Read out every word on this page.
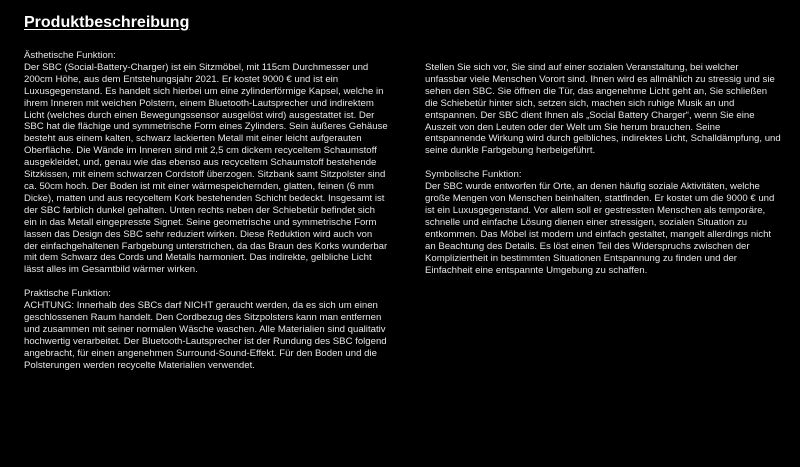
Produktbeschreibung
Ästhetische Funktion:
Der SBC (Social-Battery-Charger) ist ein Sitzmöbel, mit 115cm Durchmesser und 200cm Höhe, aus dem Entstehungsjahr 2021. Er kostet 9000 € und ist ein Luxusgegenstand. Es handelt sich hierbei um eine zylinderförmige Kapsel, welche in ihrem Inneren mit weichen Polstern, einem Bluetooth-Lautsprecher und indirektem Licht (welches durch einen Bewegungssensor ausgelöst wird) ausgestattet ist. Der SBC hat die flächige und symmetrische Form eines Zylinders. Sein äußeres Gehäuse besteht aus einem kalten, schwarz lackierten Metall mit einer leicht aufgerauten Oberfläche. Die Wände im Inneren sind mit 2,5 cm dickem recyceltem Schaumstoff ausgekleidet, und, genau wie das ebenso aus recyceltem Schaumstoff bestehende Sitzkissen, mit einem schwarzen Cordstoff überzogen. Sitzbank samt Sitzpolster sind ca. 50cm hoch. Der Boden ist mit einer wärmespeichernden, glatten, feinen (6 mm Dicke), matten und aus recyceltem Kork bestehenden Schicht bedeckt. Insgesamt ist der SBC farblich dunkel gehalten. Unten rechts neben der Schiebetür befindet sich ein in das Metall eingepresste Signet. Seine geometrische und symmetrische Form lassen das Design des SBC sehr reduziert wirken. Diese Reduktion wird auch von der einfachgehaltenen Farbgebung unterstrichen, da das Braun des Korks wunderbar mit dem Schwarz des Cords und Metalls harmoniert. Das indirekte, gelbliche Licht lässt alles im Gesamtbild wärmer wirken.
Praktische Funktion:
ACHTUNG: Innerhalb des SBCs darf NICHT geraucht werden, da es sich um einen geschlossenen Raum handelt. Den Cordbezug des Sitzpolsters kann man entfernen und zusammen mit seiner normalen Wäsche waschen. Alle Materialien sind qualitativ hochwertig verarbeitet. Der Bluetooth-Lautsprecher ist der Rundung des SBC folgend angebracht, für einen angenehmen Surround-Sound-Effekt. Für den Boden und die Polsterungen werden recycelte Materialien verwendet.
Stellen Sie sich vor, Sie sind auf einer sozialen Veranstaltung, bei welcher unfassbar viele Menschen Vorort sind. Ihnen wird es allmählich zu stressig und sie sehen den SBC. Sie öffnen die Tür, das angenehme Licht geht an, Sie schließen die Schiebetür hinter sich, setzen sich, machen sich ruhige Musik an und entspannen. Der SBC dient Ihnen als „Social Battery Charger“, wenn Sie eine Auszeit von den Leuten oder der Welt um Sie herum brauchen. Seine entspannende Wirkung wird durch gelbliches, indirektes Licht, Schalldämpfung, und seine dunkle Farbgebung herbeigeführt.
Symbolische Funktion:
Der SBC wurde entworfen für Orte, an denen häufig soziale Aktivitäten, welche große Mengen von Menschen beinhalten, stattfinden. Er kostet um die 9000 € und ist ein Luxusgegenstand. Vor allem soll er gestressten Menschen als temporäre, schnelle und einfache Lösung dienen einer stressigen, sozialen Situation zu entkommen. Das Möbel ist modern und einfach gestaltet, mangelt allerdings nicht an Beachtung des Details. Es löst einen Teil des Widerspruchs zwischen der Kompliziertheit in bestimmten Situationen Entspannung zu finden und der Einfachheit eine entspannte Umgebung zu schaffen.
